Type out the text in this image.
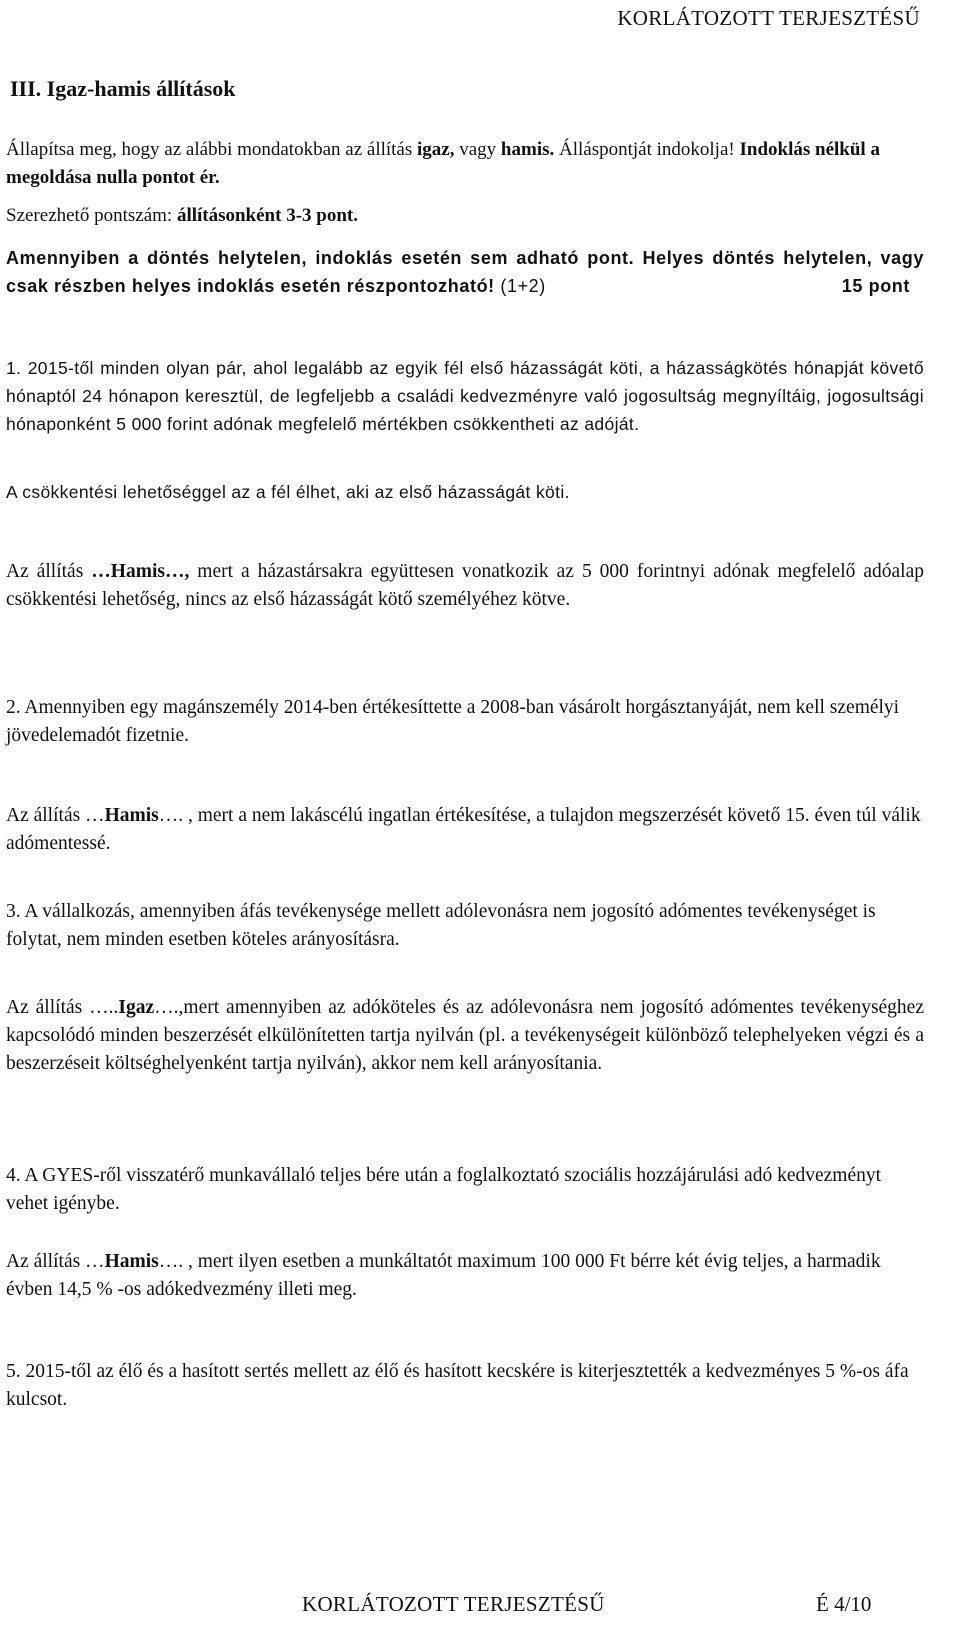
KORLÁTOZOTT TERJESZTÉSŰ
III. Igaz-hamis állítások
Állapítsa meg, hogy az alábbi mondatokban az állítás igaz, vagy hamis. Álláspontját indokolja! Indoklás nélkül a megoldása nulla pontot ér.
Szerezhető pontszám: állításonként 3-3 pont.
Amennyiben a döntés helytelen, indoklás esetén sem adható pont. Helyes döntés helytelen, vagy csak részben helyes indoklás esetén részpontozható! (1+2)	15 pont
1. 2015-től minden olyan pár, ahol legalább az egyik fél első házasságát köti, a házasságkötés hónapját követő hónaptól 24 hónapon keresztül, de legfeljebb a családi kedvezményre való jogosultság megnyíltáig, jogosultsági hónaponként 5 000 forint adónak megfelelő mértékben csökkentheti az adóját.
A csökkentési lehetőséggel az a fél élhet, aki az első házasságát köti.
Az állítás …Hamis…, mert a házastársakra együttesen vonatkozik az 5 000 forintnyi adónak megfelelő adóalap csökkentési lehetőség, nincs az első házasságát kötő személyéhez kötve.
2. Amennyiben egy magánszemély 2014-ben értékesíttette a 2008-ban vásárolt horgásztanyáját, nem kell személyi jövedelemadót fizetnie.
Az állítás …Hamis…. , mert a nem lakáscélú ingatlan értékesítése, a tulajdon megszerzését követő 15. éven túl válik adómentessé.
3. A vállalkozás, amennyiben áfás tevékenysége mellett adólevonásra nem jogosító adómentes tevékenységet is folytat, nem minden esetben köteles arányosításra.
Az állítás …..Igaz….,mert amennyiben az adóköteles és az adólevonásra nem jogosító adómentes tevékenységhez kapcsolódó minden beszerzését elkülönítetten tartja nyilván (pl. a tevékenységeit különböző telephelyeken végzi és a beszerzéseit költséghelyenként tartja nyilván), akkor nem kell arányosítania.
4. A GYES-ről visszatérő munkavállaló teljes bére után a foglalkoztató szociális hozzájárulási adó kedvezményt vehet igénybe.
Az állítás …Hamis…. , mert ilyen esetben a munkáltatót maximum 100 000 Ft bérre két évig teljes, a harmadik évben 14,5 % -os adókedvezmény illeti meg.
5. 2015-től az élő és a hasított sertés mellett az élő és hasított kecskére is kiterjesztették a kedvezményes 5 %-os áfa kulcsot.
KORLÁTOZOTT TERJESZTÉSŰ	É 4/10
